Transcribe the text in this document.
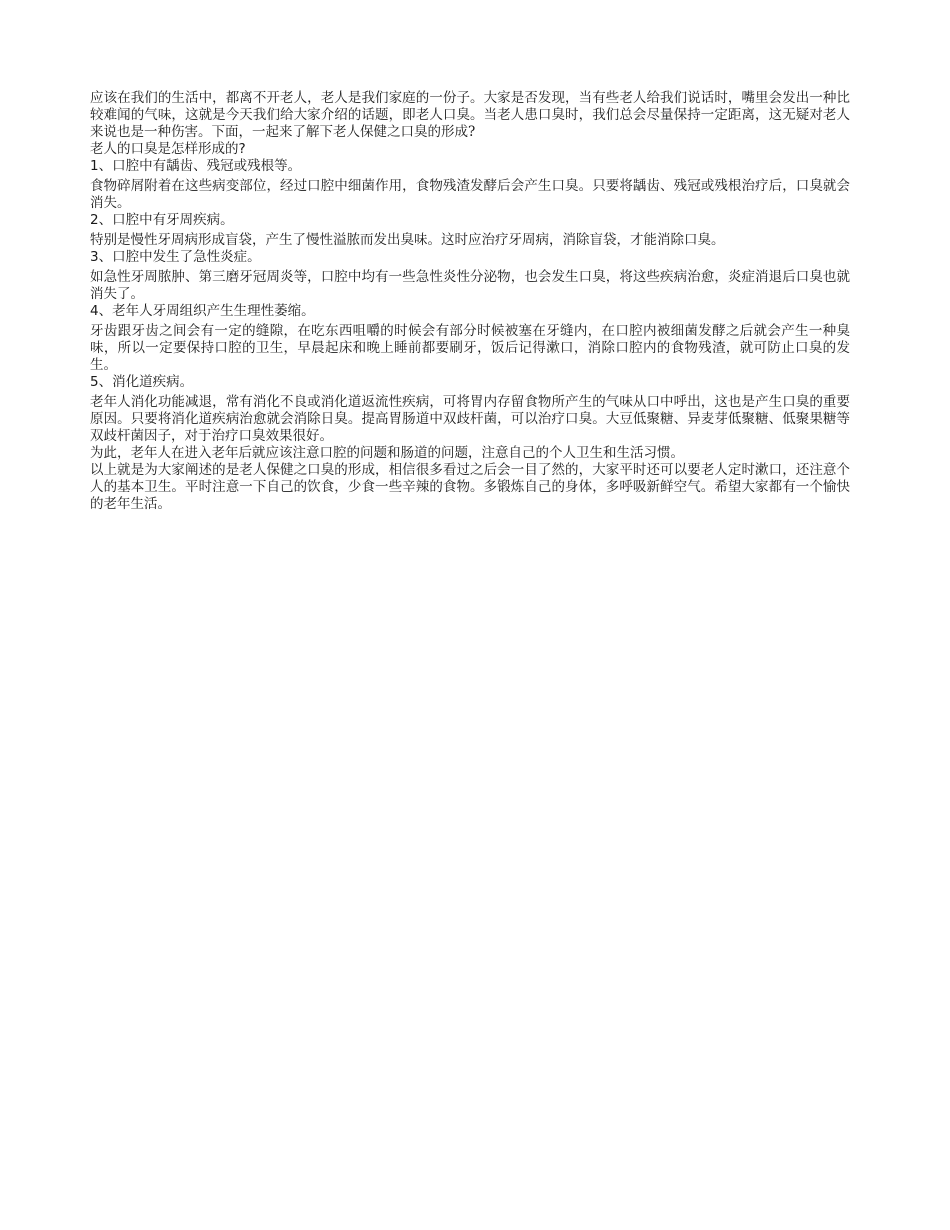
应该在我们的生活中，都离不开老人，老人是我们家庭的一份子。大家是否发现，当有些老人给我们说话时，嘴里会发出一种比较难闻的气味，这就是今天我们给大家介绍的话题，即老人口臭。当老人患口臭时，我们总会尽量保持一定距离，这无疑对老人来说也是一种伤害。下面，一起来了解下老人保健之口臭的形成?

老人的口臭是怎样形成的?

1、口腔中有龋齿、残冠或残根等。

食物碎屑附着在这些病变部位，经过口腔中细菌作用，食物残渣发酵后会产生口臭。只要将龋齿、残冠或残根治疗后，口臭就会消失。

2、口腔中有牙周疾病。

特别是慢性牙周病形成盲袋，产生了慢性溢脓而发出臭味。这时应治疗牙周病，消除盲袋，才能消除口臭。

3、口腔中发生了急性炎症。

如急性牙周脓肿、第三磨牙冠周炎等，口腔中均有一些急性炎性分泌物，也会发生口臭，将这些疾病治愈，炎症消退后口臭也就消失了。

4、老年人牙周组织产生生理性萎缩。

牙齿跟牙齿之间会有一定的缝隙，在吃东西咀嚼的时候会有部分时候被塞在牙缝内，在口腔内被细菌发酵之后就会产生一种臭味，所以一定要保持口腔的卫生，早晨起床和晚上睡前都要刷牙，饭后记得漱口，消除口腔内的食物残渣，就可防止口臭的发生。

5、消化道疾病。

老年人消化功能减退，常有消化不良或消化道返流性疾病，可将胃内存留食物所产生的气味从口中呼出，这也是产生口臭的重要原因。只要将消化道疾病治愈就会消除日臭。提高胃肠道中双歧杆菌，可以治疗口臭。大豆低聚糖、异麦芽低聚糖、低聚果糖等双歧杆菌因子，对于治疗口臭效果很好。

为此，老年人在进入老年后就应该注意口腔的问题和肠道的问题，注意自己的个人卫生和生活习惯。

以上就是为大家阐述的是老人保健之口臭的形成，相信很多看过之后会一目了然的，大家平时还可以要老人定时漱口，还注意个人的基本卫生。平时注意一下自己的饮食，少食一些辛辣的食物。多锻炼自己的身体，多呼吸新鲜空气。希望大家都有一个愉快的老年生活。
